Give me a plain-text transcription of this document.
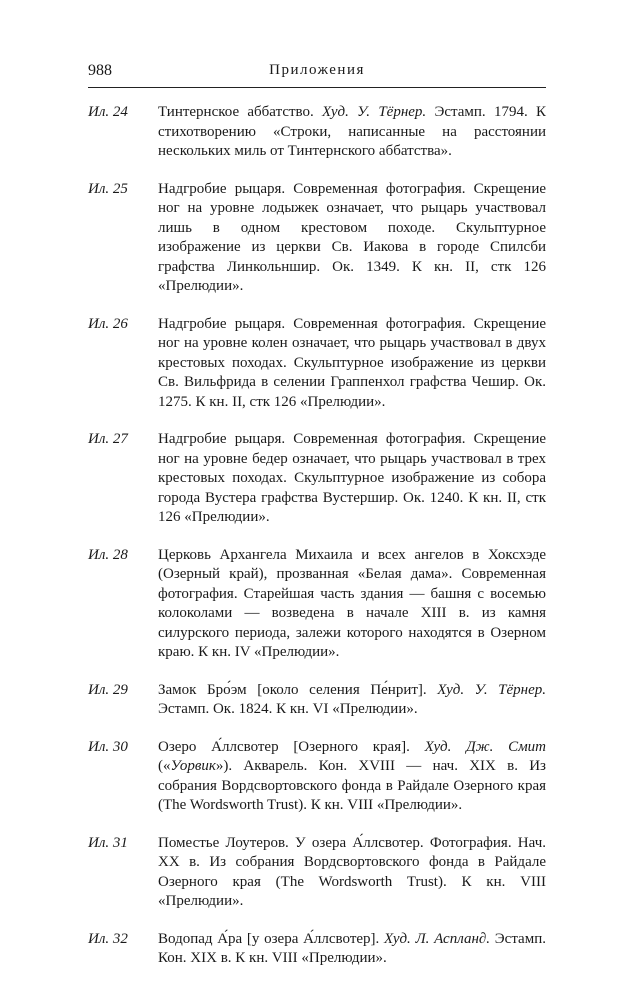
988	Приложения
Ил. 24	Тинтернское аббатство. Худ. У. Тёрнер. Эстамп. 1794. К стихотворению «Строки, написанные на расстоянии нескольких миль от Тинтернского аббатства».
Ил. 25	Надгробие рыцаря. Современная фотография. Скрещение ног на уровне лодыжек означает, что рыцарь участвовал лишь в одном крестовом походе. Скульптурное изображение из церкви Св. Иакова в городе Спилсби графства Линкольншир. Ок. 1349. К кн. II, стк 126 «Прелюдии».
Ил. 26	Надгробие рыцаря. Современная фотография. Скрещение ног на уровне колен означает, что рыцарь участвовал в двух крестовых походах. Скульптурное изображение из церкви Св. Вильфрида в селении Граппенхол графства Чешир. Ок. 1275. К кн. II, стк 126 «Прелюдии».
Ил. 27	Надгробие рыцаря. Современная фотография. Скрещение ног на уровне бедер означает, что рыцарь участвовал в трех крестовых походах. Скульптурное изображение из собора города Вустера графства Вустершир. Ок. 1240. К кн. II, стк 126 «Прелюдии».
Ил. 28	Церковь Архангела Михаила и всех ангелов в Хоксхэде (Озерный край), прозванная «Белая дама». Современная фотография. Старейшая часть здания — башня с восемью колоколами — возведена в начале XIII в. из камня силурского периода, залежи которого находятся в Озерном краю. К кн. IV «Прелюдии».
Ил. 29	Замок Бро́эм [около селения Пе́нрит]. Худ. У. Тёрнер. Эстамп. Ок. 1824. К кн. VI «Прелюдии».
Ил. 30	Озеро А́ллсвотер [Озерного края]. Худ. Дж. Смит («Уорвик»). Акварель. Кон. XVIII — нач. XIX в. Из собрания Вордсвортовского фонда в Райдале Озерного края (The Wordsworth Trust). К кн. VIII «Прелюдии».
Ил. 31	Поместье Лоутеров. У озера А́ллсвотер. Фотография. Нач. XX в. Из собрания Вордсвортовского фонда в Райдале Озерного края (The Wordsworth Trust). К кн. VIII «Прелюдии».
Ил. 32	Водопад А́ра [у озера А́ллсвотер]. Худ. Л. Асплан∂. Эстамп. Кон. XIX в. К кн. VIII «Прелюдии».
